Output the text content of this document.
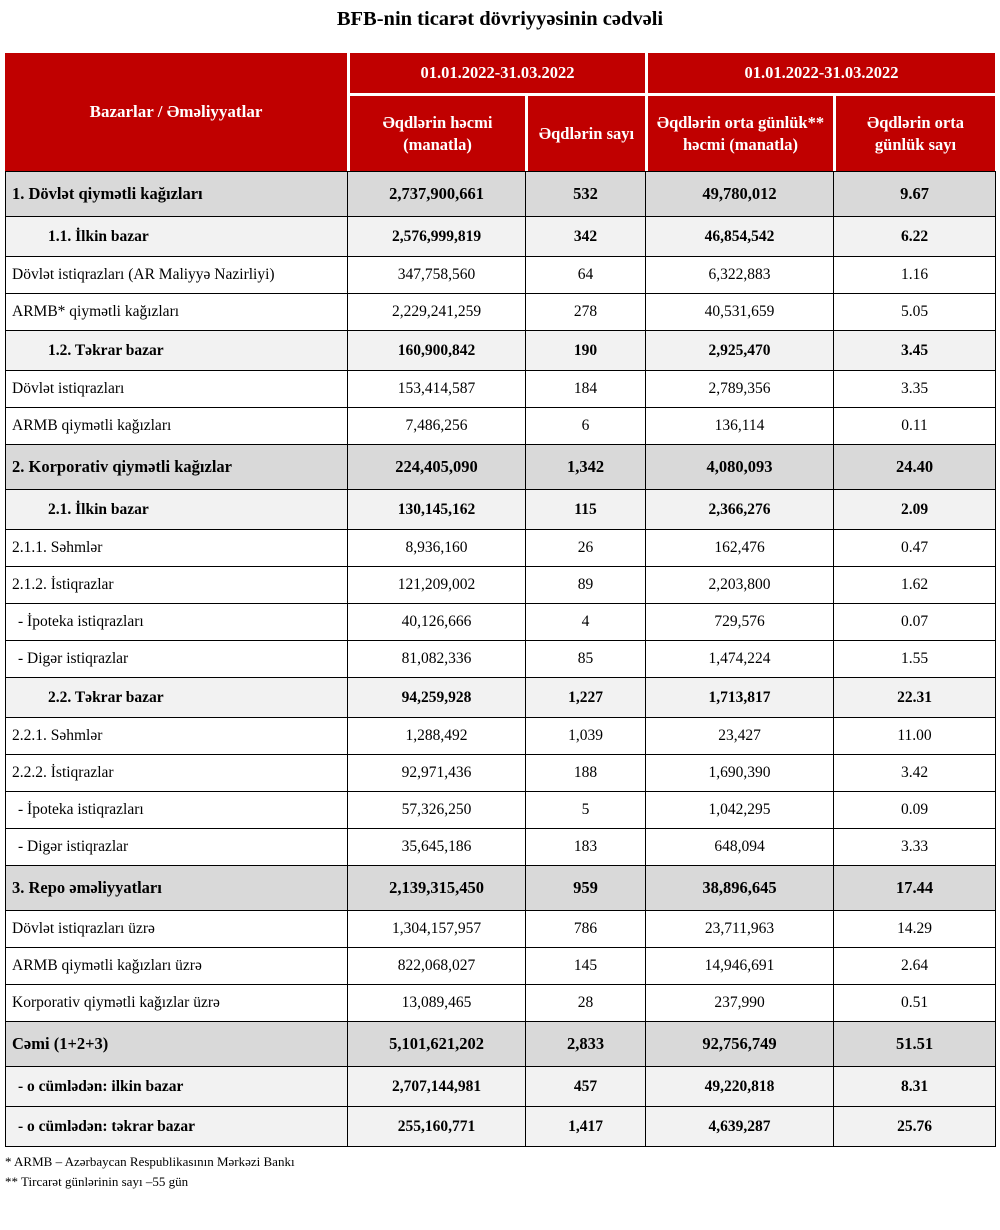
BFB-nin ticarət dövriyyəsinin cədvəli
Bazarlar / Əməliyyatlar
01.01.2022-31.03.2022	01.01.2022-31.03.2022
Əqdlərin həcmi (manatla)
Əqdlərin sayı
Əqdlərin orta günlük** həcmi (manatla)
Əqdlərin orta günlük sayı
1. Dövlət qiymətli kağızları	2,737,900,661	532	49,780,012	9.67
1.1. İlkin bazar	2,576,999,819	342	46,854,542	6.22
Dövlət istiqrazları (AR Maliyyə Nazirliyi)	347,758,560	64	6,322,883	1.16
ARMB* qiymətli kağızları	2,229,241,259	278	40,531,659	5.05
1.2. Təkrar bazar	160,900,842	190	2,925,470	3.45
Dövlət istiqrazları	153,414,587	184	2,789,356	3.35
ARMB qiymətli kağızları	7,486,256	6	136,114	0.11
2. Korporativ qiymətli kağızlar	224,405,090	1,342	4,080,093	24.40
2.1. İlkin bazar	130,145,162	115	2,366,276	2.09
2.1.1. Səhmlər	8,936,160	26	162,476	0.47
2.1.2. İstiqrazlar	121,209,002	89	2,203,800	1.62
- İpoteka istiqrazları	40,126,666	4	729,576	0.07
- Digər istiqrazlar	81,082,336	85	1,474,224	1.55
2.2. Təkrar bazar	94,259,928	1,227	1,713,817	22.31
2.2.1. Səhmlər	1,288,492	1,039	23,427	11.00
2.2.2. İstiqrazlar	92,971,436	188	1,690,390	3.42
- İpoteka istiqrazları	57,326,250	5	1,042,295	0.09
- Digər istiqrazlar	35,645,186	183	648,094	3.33
3. Repo əməliyyatları	2,139,315,450	959	38,896,645	17.44
Dövlət istiqrazları üzrə	1,304,157,957	786	23,711,963	14.29
ARMB qiymətli kağızları üzrə	822,068,027	145	14,946,691	2.64
Korporativ qiymətli kağızlar üzrə	13,089,465	28	237,990	0.51
Cəmi (1+2+3)	5,101,621,202	2,833	92,756,749	51.51
- o cümlədən: ilkin bazar	2,707,144,981	457	49,220,818	8.31
- o cümlədən: təkrar bazar	255,160,771	1,417	4,639,287	25.76
* ARMB – Azərbaycan Respublikasının Mərkəzi Bankı
** Tircarət günlərinin sayı –55 gün
